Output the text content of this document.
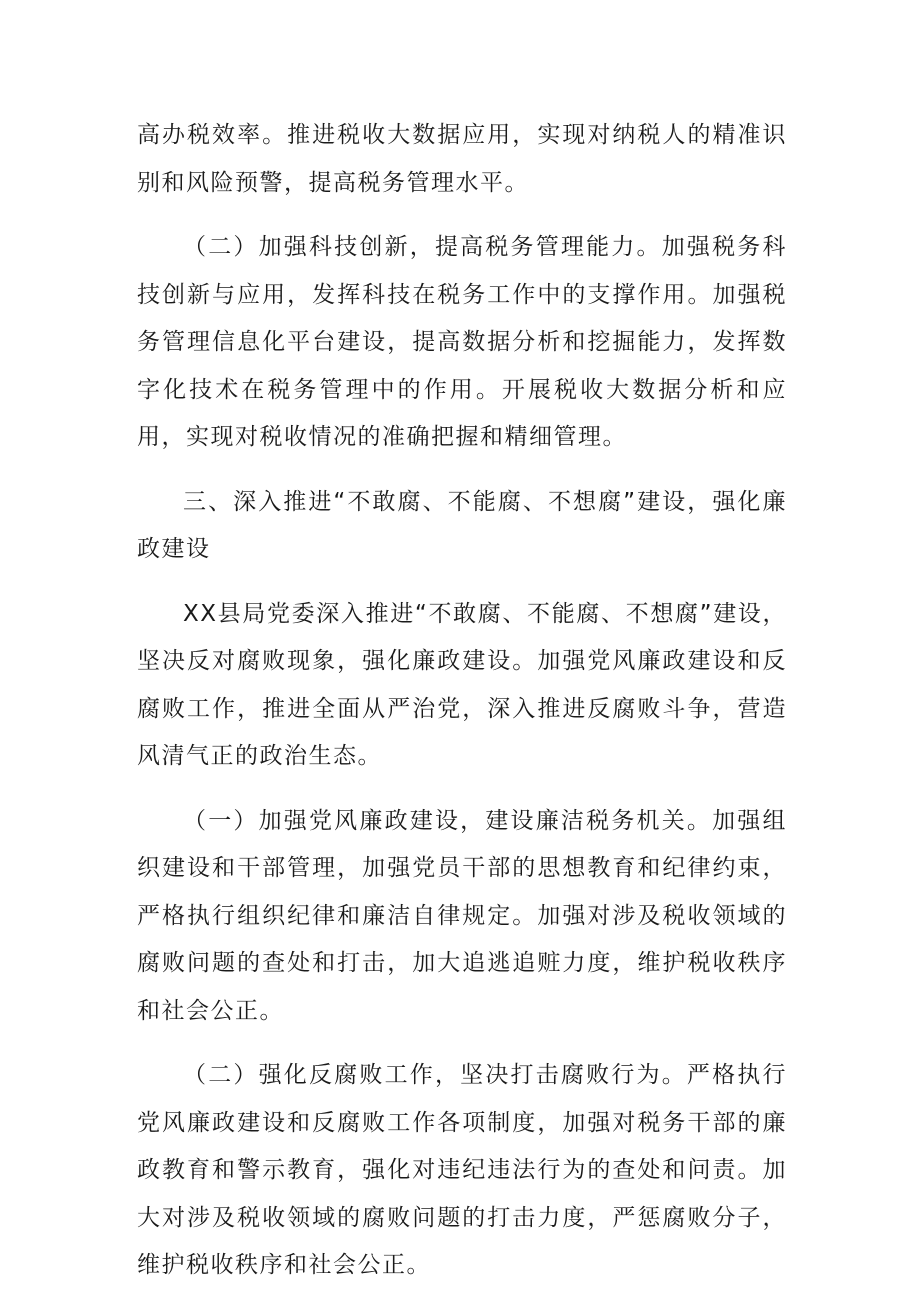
高办税效率。推进税收大数据应用，实现对纳税人的精准识别和风险预警，提高税务管理水平。

（二）加强科技创新，提高税务管理能力。加强税务科技创新与应用，发挥科技在税务工作中的支撑作用。加强税务管理信息化平台建设，提高数据分析和挖掘能力，发挥数字化技术在税务管理中的作用。开展税收大数据分析和应用，实现对税收情况的准确把握和精细管理。

三、深入推进“不敢腐、不能腐、不想腐”建设，强化廉政建设

XX县局党委深入推进“不敢腐、不能腐、不想腐”建设，坚决反对腐败现象，强化廉政建设。加强党风廉政建设和反腐败工作，推进全面从严治党，深入推进反腐败斗争，营造风清气正的政治生态。

（一）加强党风廉政建设，建设廉洁税务机关。加强组织建设和干部管理，加强党员干部的思想教育和纪律约束，严格执行组织纪律和廉洁自律规定。加强对涉及税收领域的腐败问题的查处和打击，加大追逃追赃力度，维护税收秩序和社会公正。

（二）强化反腐败工作，坚决打击腐败行为。严格执行党风廉政建设和反腐败工作各项制度，加强对税务干部的廉政教育和警示教育，强化对违纪违法行为的查处和问责。加大对涉及税收领域的腐败问题的打击力度，严惩腐败分子，维护税收秩序和社会公正。
